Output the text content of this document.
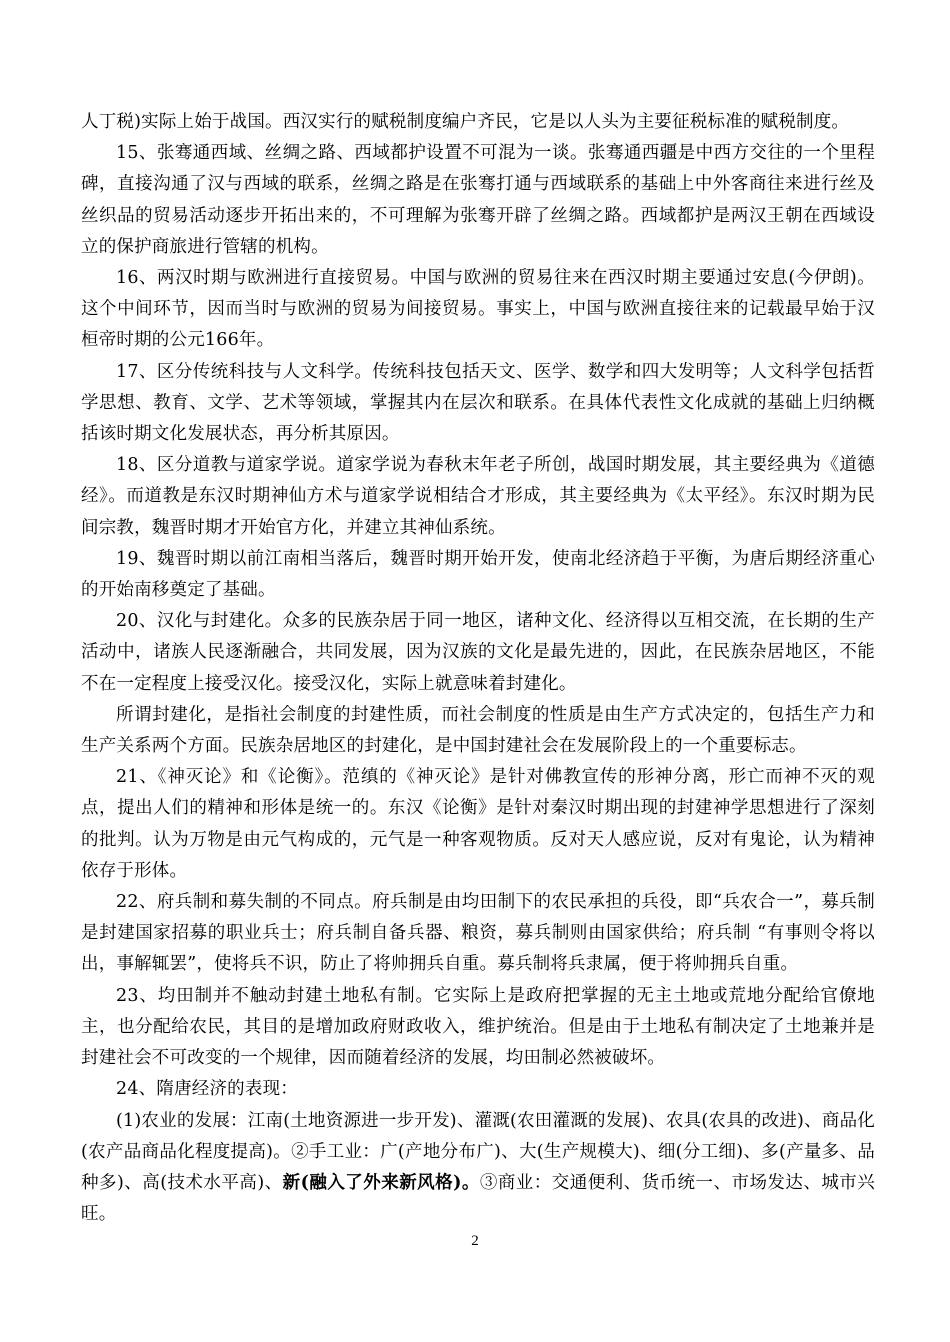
人丁税)实际上始于战国。西汉实行的赋税制度编户齐民，它是以人头为主要征税标准的赋税制度。

15、张骞通西域、丝绸之路、西域都护设置不可混为一谈。张骞通西疆是中西方交往的一个里程碑，直接沟通了汉与西域的联系，丝绸之路是在张骞打通与西域联系的基础上中外客商往来进行丝及丝织品的贸易活动逐步开拓出来的，不可理解为张骞开辟了丝绸之路。西域都护是两汉王朝在西域设立的保护商旅进行管辖的机构。

16、两汉时期与欧洲进行直接贸易。中国与欧洲的贸易往来在西汉时期主要通过安息(今伊朗)。这个中间环节，因而当时与欧洲的贸易为间接贸易。事实上，中国与欧洲直接往来的记载最早始于汉桓帝时期的公元166年。

17、区分传统科技与人文科学。传统科技包括天文、医学、数学和四大发明等；人文科学包括哲学思想、教育、文学、艺术等领域，掌握其内在层次和联系。在具体代表性文化成就的基础上归纳概括该时期文化发展状态，再分析其原因。

18、区分道教与道家学说。道家学说为春秋末年老子所创，战国时期发展，其主要经典为《道德经》。而道教是东汉时期神仙方术与道家学说相结合才形成，其主要经典为《太平经》。东汉时期为民间宗教，魏晋时期才开始官方化，并建立其神仙系统。

19、魏晋时期以前江南相当落后，魏晋时期开始开发，使南北经济趋于平衡，为唐后期经济重心的开始南移奠定了基础。

20、汉化与封建化。众多的民族杂居于同一地区，诸种文化、经济得以互相交流，在长期的生产活动中，诸族人民逐渐融合，共同发展，因为汉族的文化是最先进的，因此，在民族杂居地区，不能不在一定程度上接受汉化。接受汉化，实际上就意味着封建化。

所谓封建化，是指社会制度的封建性质，而社会制度的性质是由生产方式决定的，包括生产力和生产关系两个方面。民族杂居地区的封建化，是中国封建社会在发展阶段上的一个重要标志。

21、《神灭论》和《论衡》。范缜的《神灭论》是针对佛教宣传的形神分离，形亡而神不灭的观点，提出人们的精神和形体是统一的。东汉《论衡》是针对秦汉时期出现的封建神学思想进行了深刻的批判。认为万物是由元气构成的，元气是一种客观物质。反对天人感应说，反对有鬼论，认为精神依存于形体。

22、府兵制和募失制的不同点。府兵制是由均田制下的农民承担的兵役，即“兵农合一”，募兵制是封建国家招募的职业兵士；府兵制自备兵器、粮资，募兵制则由国家供给；府兵制 “有事则令将以出，事解辄罢”，使将兵不识，防止了将帅拥兵自重。募兵制将兵隶属，便于将帅拥兵自重。

23、均田制并不触动封建土地私有制。它实际上是政府把掌握的无主土地或荒地分配给官僚地主，也分配给农民，其目的是增加政府财政收入，维护统治。但是由于土地私有制决定了土地兼并是封建社会不可改变的一个规律，因而随着经济的发展，均田制必然被破坏。

24、隋唐经济的表现：

(1)农业的发展：江南(土地资源进一步开发)、灌溉(农田灌溉的发展)、农具(农具的改进)、商品化(农产品商品化程度提高)。②手工业：广(产地分布广)、大(生产规模大)、细(分工细)、多(产量多、品种多)、高(技术水平高)、新(融入了外来新风格)。③商业：交通便利、货币统一、市场发达、城市兴旺。

2
